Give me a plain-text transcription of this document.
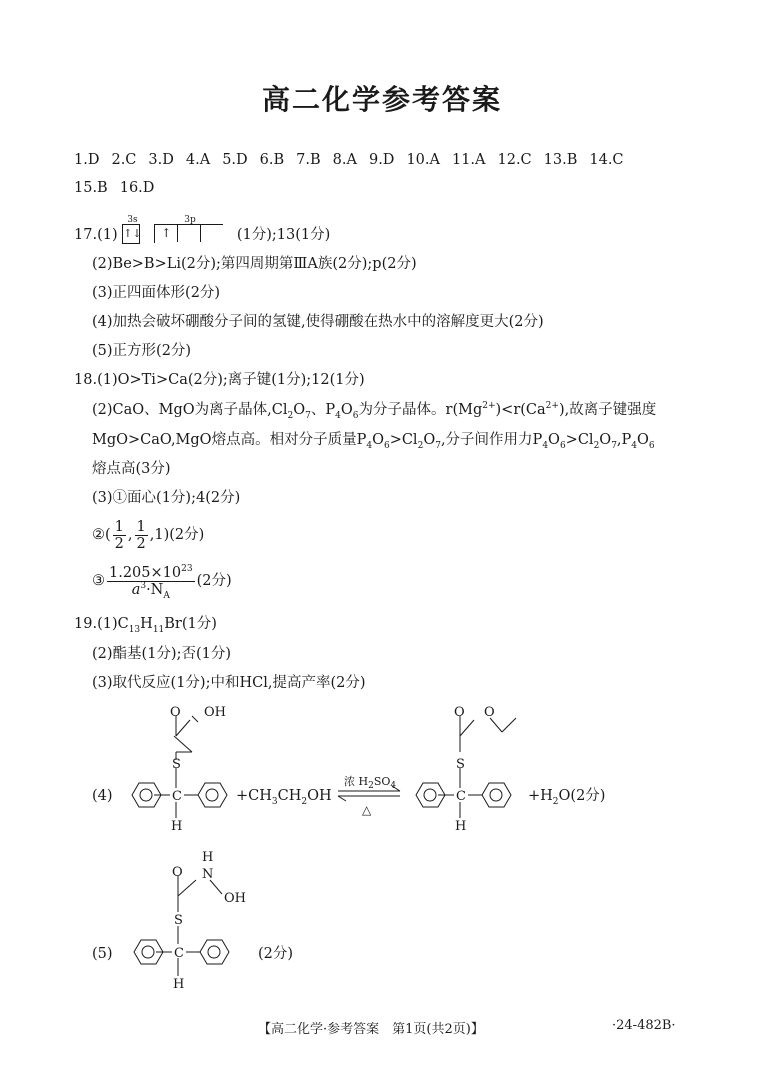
高二化学参考答案
1.D 2.C 3.D 4.A 5.D 6.B 7.B 8.A 9.D 10.A 11.A 12.C 13.B 14.C
15.B 16.D
17.(1)
3s	3p
↑↓ ↑	(1分);13(1分)
(2)Be>B>Li(2分);第四周期第ⅢA族(2分);p(2分)
(3)正四面体形(2分)
(4)加热会破坏硼酸分子间的氢键,使得硼酸在热水中的溶解度更大(2分)
(5)正方形(2分)
18.(1)O>Ti>Ca(2分);离子键(1分);12(1分)
(2)CaO、MgO为离子晶体$,Cl_2O_7$、$P_4O_6$为分子晶体。$r(Mg^{2+})<r(Ca^{2+})$,故离子键强度
MgO>CaO,MgO熔点高。相对分子质量$P_4O_6>Cl_2O_7$,分子间作用力$P_4O_6>Cl_2O_7,P_4O_6$
熔点高(3分)
(3)①面心(1分);4(2分)
②( $\frac{1}{2}$ , $\frac{1}{2} ,1)(2$分)
③ $\frac{1.205\times 10^{23}}{a^3\cdot N_A} (2$分)
$19.(1)C_{13}H_{11}Br(1$分)
(2)酯基(1分);否(1分)
(3)取代反应(1分);中和HCl,提高产率(2分)
(4)	$+CH_3CH_2OH$
浓 $H_2SO_4$
△
$+H_2O(2$分)
(5)	(2分)
O OH
S
C
H
O O
S
C
H
H
N
O
OH
S
C
H
【高二化学·参考答案　第1页(共2页)】	·24-482B·
